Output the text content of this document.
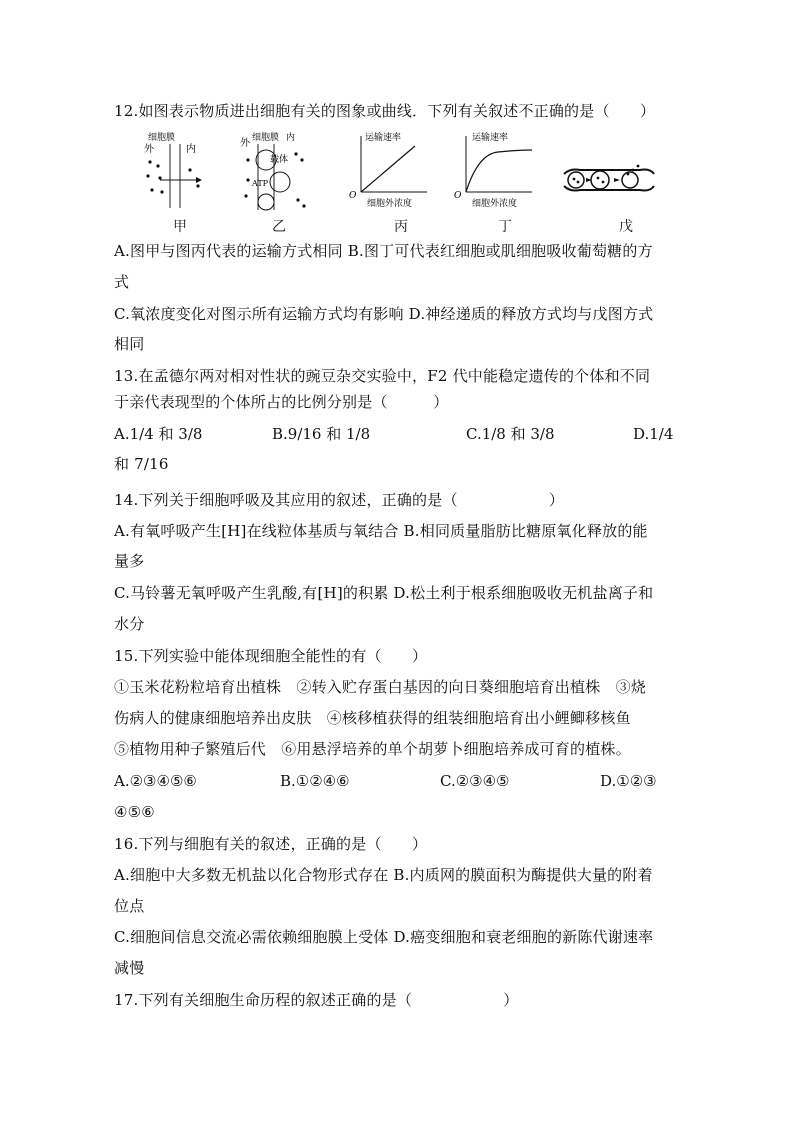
12.如图表示物质进出细胞有关的图象或曲线．下列有关叙述不正确的是（　　）
细胞膜
外	内
细胞膜 内
外
载体
ATP
运输速率
O
细胞外浓度
运输速率
O
细胞外浓度
甲	乙	丙	丁	戊
A.图甲与图丙代表的运输方式相同 B.图丁可代表红细胞或肌细胞吸收葡萄糖的方
式
C.氧浓度变化对图示所有运输方式均有影响 D.神经递质的释放方式均与戊图方式
相同
13.在孟德尔两对相对性状的豌豆杂交实验中，F2 代中能稳定遗传的个体和不同
于亲代表现型的个体所占的比例分别是（　　　）
A.1/4 和 3/8	B.9/16 和 1/8	C.1/8 和 3/8	D.1/4
和 7/16
14.下列关于细胞呼吸及其应用的叙述，正确的是（　　　　　　）
A.有氧呼吸产生[H]在线粒体基质与氧结合 B.相同质量脂肪比糖原氧化释放的能
量多
C.马铃薯无氧呼吸产生乳酸,有[H]的积累 D.松土利于根系细胞吸收无机盐离子和
水分
15.下列实验中能体现细胞全能性的有（　　）
①玉米花粉粒培育出植株　②转入贮存蛋白基因的向日葵细胞培育出植株　③烧
伤病人的健康细胞培养出皮肤　④核移植获得的组装细胞培育出小鲤鲫移核鱼
⑤植物用种子繁殖后代　⑥用悬浮培养的单个胡萝卜细胞培养成可育的植株。
A.②③④⑤⑥	B.①②④⑥	C.②③④⑤	D.①②③
④⑤⑥
16.下列与细胞有关的叙述，正确的是（　　）
A.细胞中大多数无机盐以化合物形式存在 B.内质网的膜面积为酶提供大量的附着
位点
C.细胞间信息交流必需依赖细胞膜上受体 D.癌变细胞和衰老细胞的新陈代谢速率
减慢
17.下列有关细胞生命历程的叙述正确的是（　　　　　　）
